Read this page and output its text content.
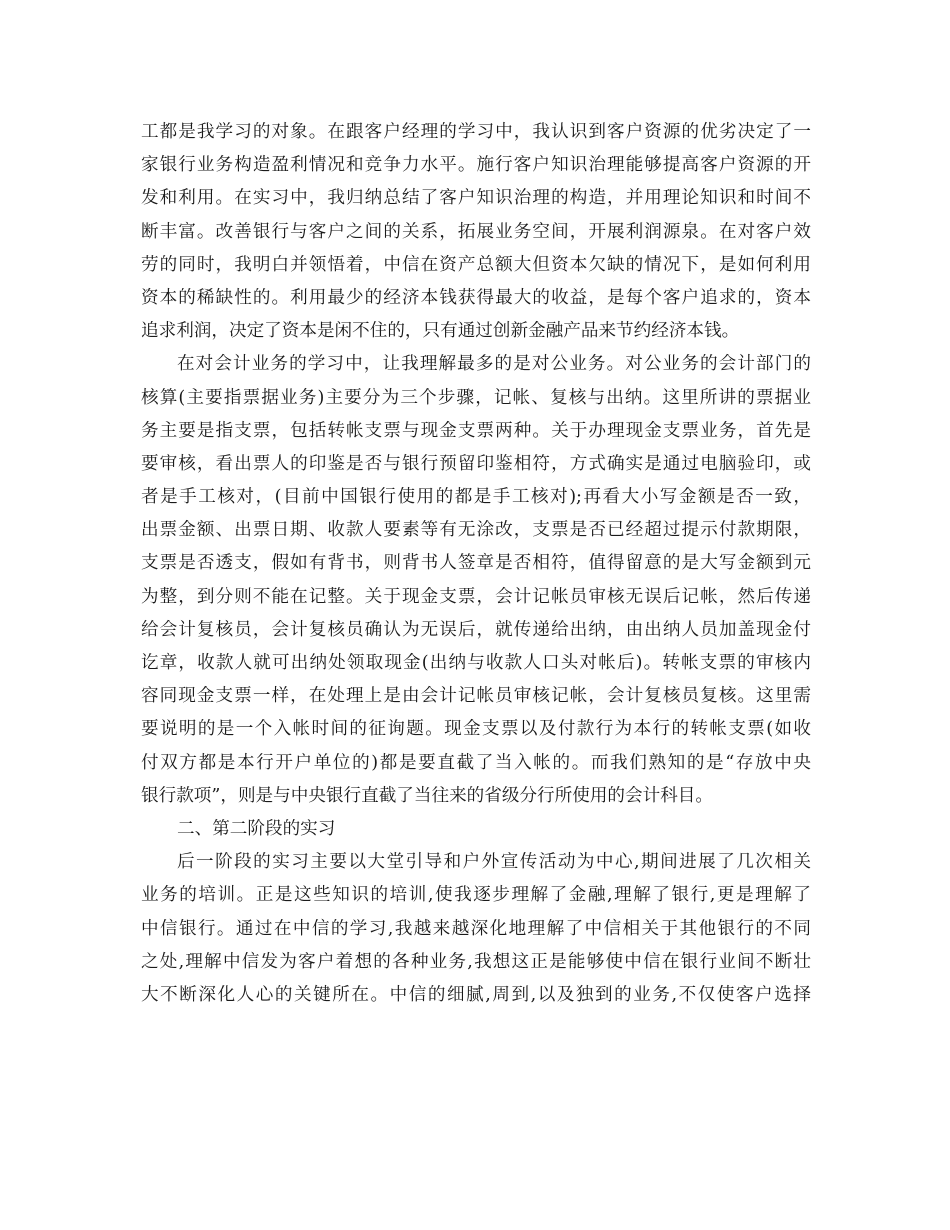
工都是我学习的对象。在跟客户经理的学习中，我认识到客户资源的优劣决定了一
家银行业务构造盈利情况和竞争力水平。施行客户知识治理能够提高客户资源的开
发和利用。在实习中，我归纳总结了客户知识治理的构造，并用理论知识和时间不
断丰富。改善银行与客户之间的关系，拓展业务空间，开展利润源泉。在对客户效
劳的同时，我明白并领悟着，中信在资产总额大但资本欠缺的情况下，是如何利用
资本的稀缺性的。利用最少的经济本钱获得最大的收益，是每个客户追求的，资本
追求利润，决定了资本是闲不住的，只有通过创新金融产品来节约经济本钱。
在对会计业务的学习中，让我理解最多的是对公业务。对公业务的会计部门的
核算(主要指票据业务)主要分为三个步骤，记帐、复核与出纳。这里所讲的票据业
务主要是指支票，包括转帐支票与现金支票两种。关于办理现金支票业务，首先是
要审核，看出票人的印鉴是否与银行预留印鉴相符，方式确实是通过电脑验印，或
者是手工核对，(目前中国银行使用的都是手工核对);再看大小写金额是否一致，
出票金额、出票日期、收款人要素等有无涂改，支票是否已经超过提示付款期限，
支票是否透支，假如有背书，则背书人签章是否相符，值得留意的是大写金额到元
为整，到分则不能在记整。关于现金支票，会计记帐员审核无误后记帐，然后传递
给会计复核员，会计复核员确认为无误后，就传递给出纳，由出纳人员加盖现金付
讫章，收款人就可出纳处领取现金(出纳与收款人口头对帐后)。转帐支票的审核内
容同现金支票一样，在处理上是由会计记帐员审核记帐，会计复核员复核。这里需
要说明的是一个入帐时间的征询题。现金支票以及付款行为本行的转帐支票(如收
付双方都是本行开户单位的)都是要直截了当入帐的。而我们熟知的是“存放中央
银行款项”，则是与中央银行直截了当往来的省级分行所使用的会计科目。
二、第二阶段的实习
后一阶段的实习主要以大堂引导和户外宣传活动为中心,期间进展了几次相关
业务的培训。正是这些知识的培训,使我逐步理解了金融,理解了银行,更是理解了
中信银行。通过在中信的学习,我越来越深化地理解了中信相关于其他银行的不同
之处,理解中信发为客户着想的各种业务,我想这正是能够使中信在银行业间不断壮
大不断深化人心的关键所在。中信的细腻,周到,以及独到的业务,不仅使客户选择
